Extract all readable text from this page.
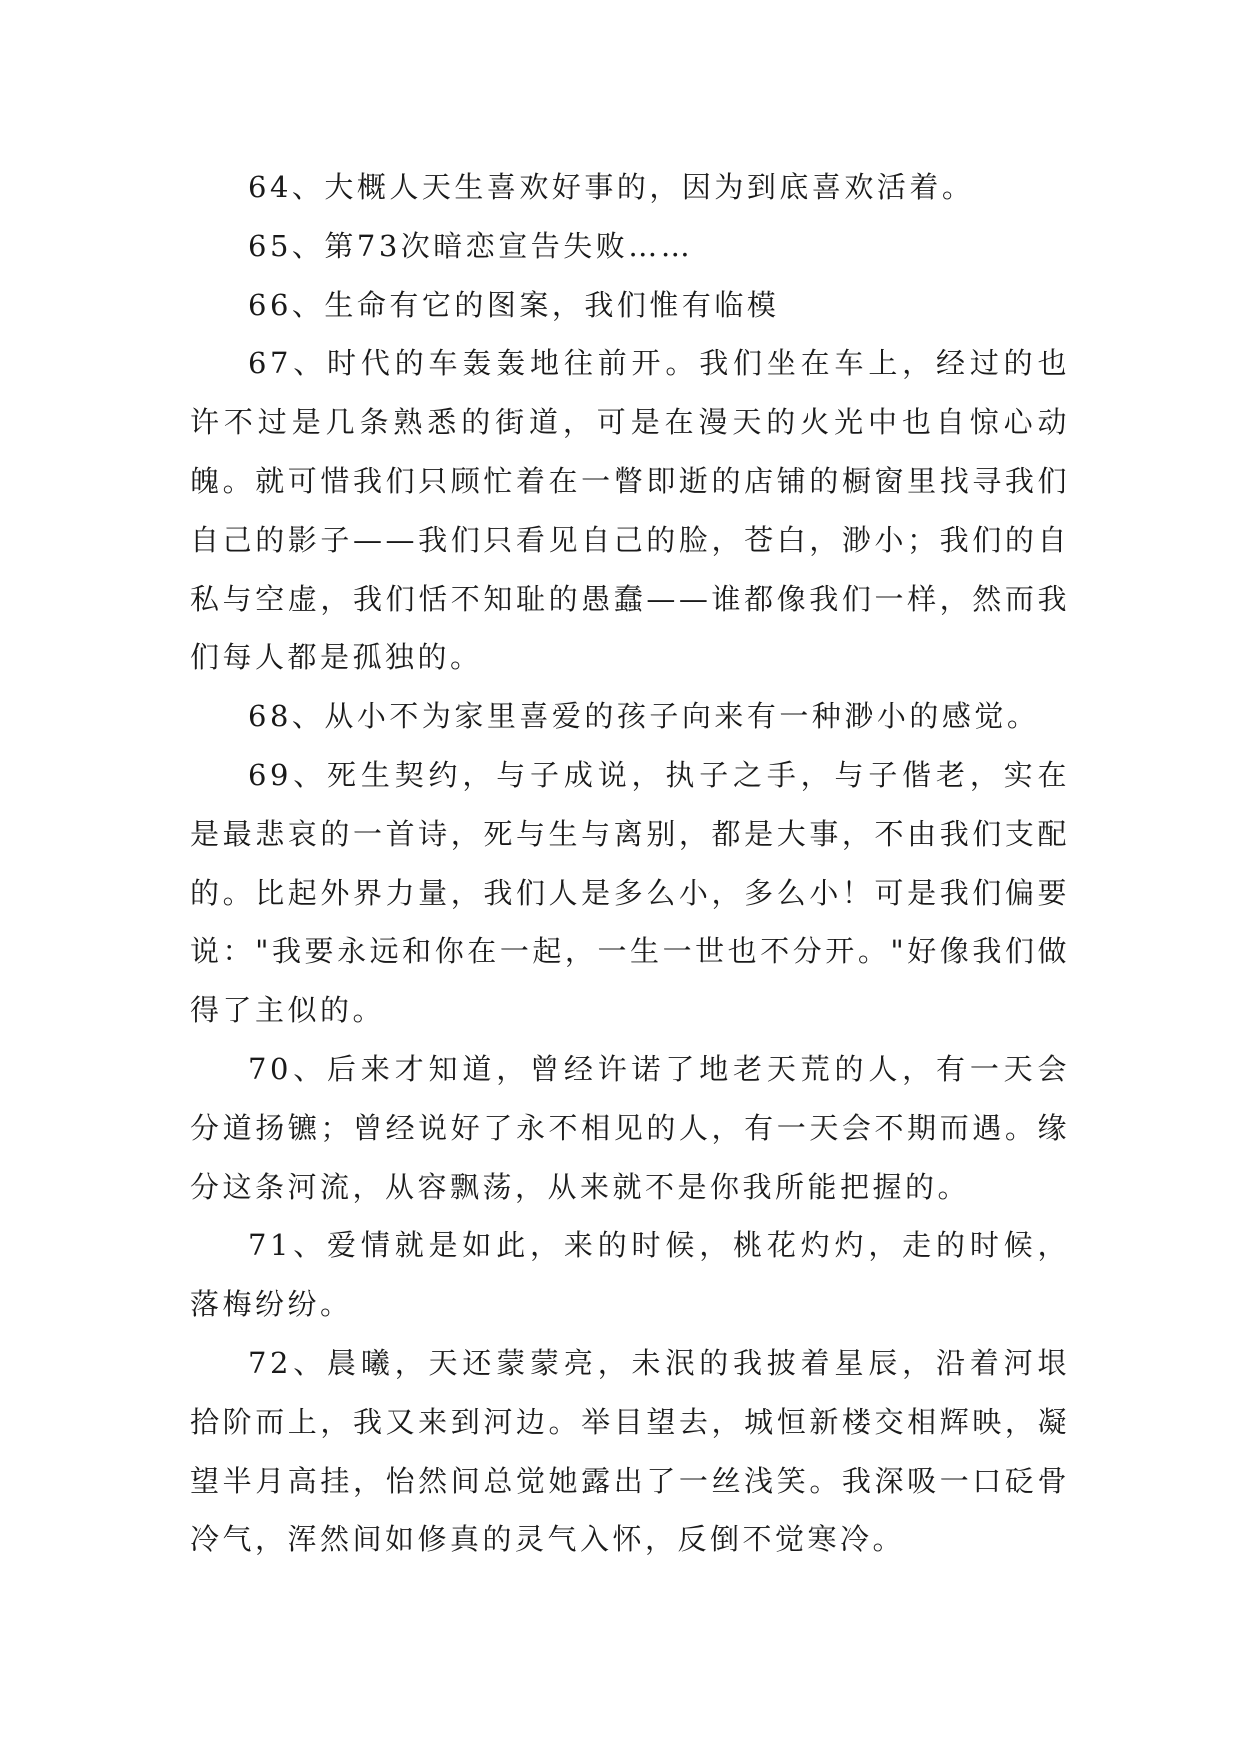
64、大概人天生喜欢好事的，因为到底喜欢活着。

65、第73次暗恋宣告失败……

66、生命有它的图案，我们惟有临模

67、时代的车轰轰地往前开。我们坐在车上，经过的也许不过是几条熟悉的街道，可是在漫天的火光中也自惊心动魄。就可惜我们只顾忙着在一瞥即逝的店铺的橱窗里找寻我们自己的影子——我们只看见自己的脸，苍白，渺小；我们的自私与空虚，我们恬不知耻的愚蠢——谁都像我们一样，然而我们每人都是孤独的。

68、从小不为家里喜爱的孩子向来有一种渺小的感觉。

69、死生契约，与子成说，执子之手，与子偕老，实在是最悲哀的一首诗，死与生与离别，都是大事，不由我们支配的。比起外界力量，我们人是多么小，多么小！可是我们偏要说："我要永远和你在一起，一生一世也不分开。"好像我们做得了主似的。

70、后来才知道，曾经许诺了地老天荒的人，有一天会分道扬镳；曾经说好了永不相见的人，有一天会不期而遇。缘分这条河流，从容飘荡，从来就不是你我所能把握的。

71、爱情就是如此，来的时候，桃花灼灼，走的时候，落梅纷纷。

72、晨曦，天还蒙蒙亮，未泯的我披着星辰，沿着河垠拾阶而上，我又来到河边。举目望去，城恒新楼交相辉映，凝望半月高挂，怡然间总觉她露出了一丝浅笑。我深吸一口砭骨冷气，浑然间如修真的灵气入怀，反倒不觉寒冷。
